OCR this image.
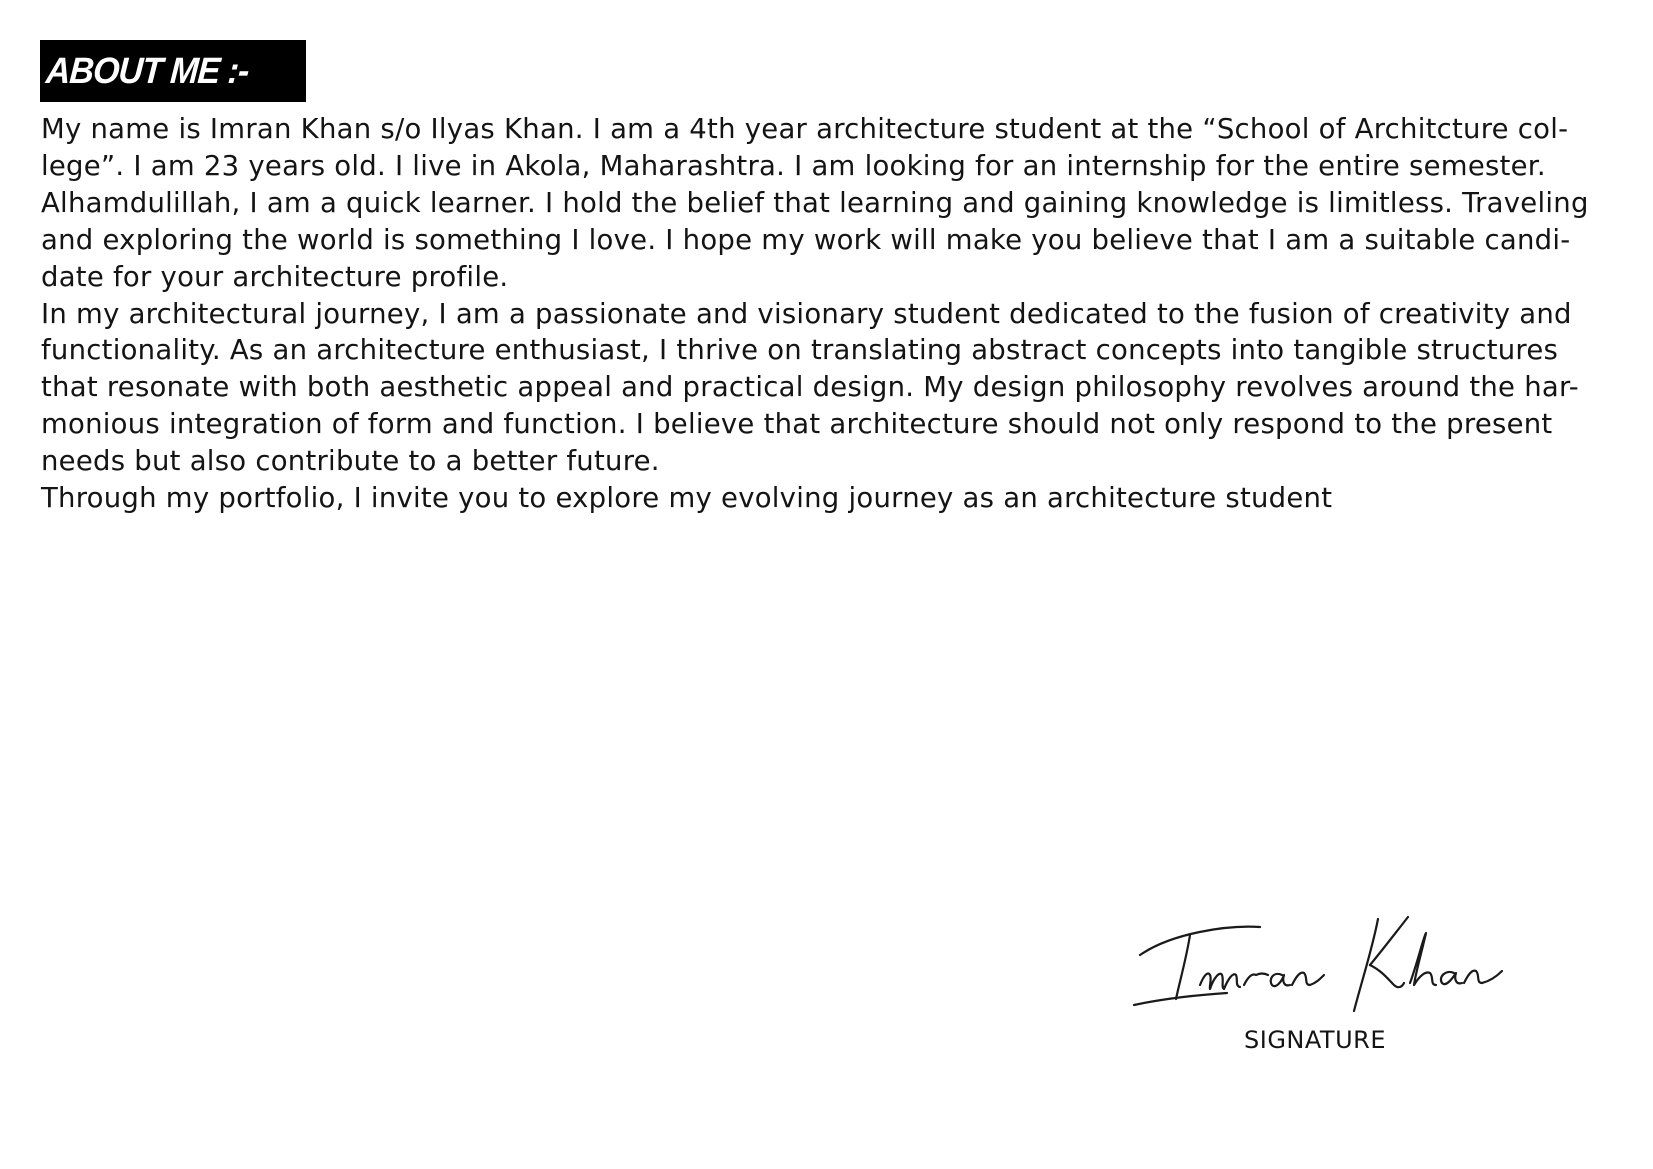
ABOUT ME :-
My name is Imran Khan s/o Ilyas Khan. I am a 4th year architecture student at the “School of Architcture col-
lege”. I am 23 years old. I live in Akola, Maharashtra. I am looking for an internship for the entire semester.
Alhamdulillah, I am a quick learner. I hold the belief that learning and gaining knowledge is limitless. Traveling
and exploring the world is something I love. I hope my work will make you believe that I am a suitable candi-
date for your architecture profile.
In my architectural journey, I am a passionate and visionary student dedicated to the fusion of creativity and
functionality. As an architecture enthusiast, I thrive on translating abstract concepts into tangible structures
that resonate with both aesthetic appeal and practical design. My design philosophy revolves around the har-
monious integration of form and function. I believe that architecture should not only respond to the present
needs but also contribute to a better future.
Through my portfolio, I invite you to explore my evolving journey as an architecture student
SIGNATURE
